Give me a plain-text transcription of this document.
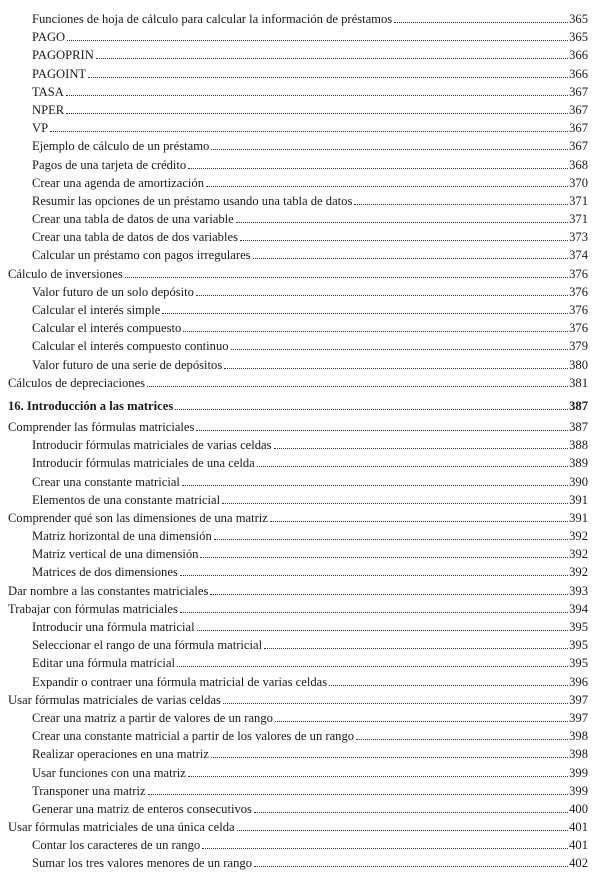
Funciones de hoja de cálculo para calcular la información de préstamos	365
PAGO	365
PAGOPRIN	366
PAGOINT	366
TASA	367
NPER	367
VP	367
Ejemplo de cálculo de un préstamo	367
Pagos de una tarjeta de crédito	368
Crear una agenda de amortización	370
Resumir las opciones de un préstamo usando una tabla de datos	371
Crear una tabla de datos de una variable	371
Crear una tabla de datos de dos variables	373
Calcular un préstamo con pagos irregulares	374
Cálculo de inversiones	376
Valor futuro de un solo depósito	376
Calcular el interés simple	376
Calcular el interés compuesto	376
Calcular el interés compuesto continuo	379
Valor futuro de una serie de depósitos	380
Cálculos de depreciaciones	381
16. Introducción a las matrices	387
Comprender las fórmulas matriciales	387
Introducir fórmulas matriciales de varias celdas	388
Introducir fórmulas matriciales de una celda	389
Crear una constante matricial	390
Elementos de una constante matricial	391
Comprender qué son las dimensiones de una matriz	391
Matriz horizontal de una dimensión	392
Matriz vertical de una dimensión	392
Matrices de dos dimensiones	392
Dar nombre a las constantes matriciales	393
Trabajar con fórmulas matriciales	394
Introducir una fórmula matricial	395
Seleccionar el rango de una fórmula matricial	395
Editar una fórmula matricial	395
Expandir o contraer una fórmula matricial de varias celdas	396
Usar fórmulas matriciales de varias celdas	397
Crear una matriz a partir de valores de un rango	397
Crear una constante matricial a partir de los valores de un rango	398
Realizar operaciones en una matriz	398
Usar funciones con una matriz	399
Transponer una matriz	399
Generar una matriz de enteros consecutivos	400
Usar fórmulas matriciales de una única celda	401
Contar los caracteres de un rango	401
Sumar los tres valores menores de un rango	402
